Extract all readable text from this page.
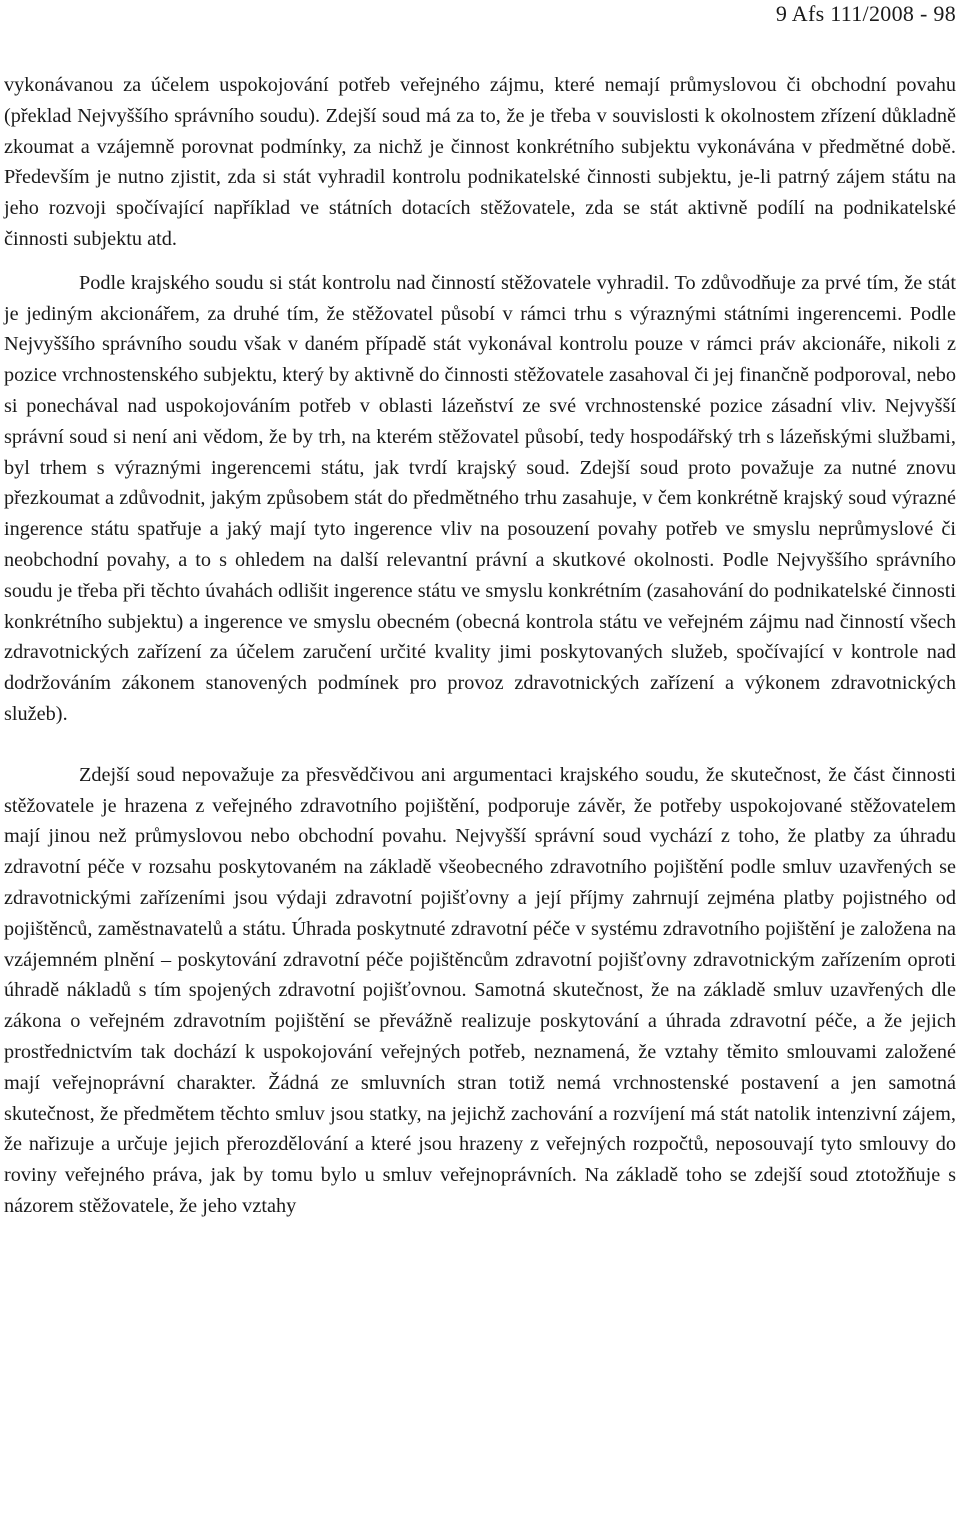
9 Afs 111/2008 - 98

vykonávanou za účelem uspokojování potřeb veřejného zájmu, které nemají průmyslovou či obchodní povahu (překlad Nejvyššího správního soudu). Zdejší soud má za to, že je třeba v souvislosti k okolnostem zřízení důkladně zkoumat a vzájemně porovnat podmínky, za nichž je činnost konkrétního subjektu vykonávána v předmětné době. Především je nutno zjistit, zda si stát vyhradil kontrolu podnikatelské činnosti subjektu, je-li patrný zájem státu na jeho rozvoji spočívající například ve státních dotacích stěžovatele, zda se stát aktivně podílí na podnikatelské činnosti subjektu atd.

Podle krajského soudu si stát kontrolu nad činností stěžovatele vyhradil. To zdůvodňuje za prvé tím, že stát je jediným akcionářem, za druhé tím, že stěžovatel působí v rámci trhu s výraznými státními ingerencemi. Podle Nejvyššího správního soudu však v daném případě stát vykonával kontrolu pouze v rámci práv akcionáře, nikoli z pozice vrchnostenského subjektu, který by aktivně do činnosti stěžovatele zasahoval či jej finančně podporoval, nebo si ponechával nad uspokojováním potřeb v oblasti lázeňství ze své vrchnostenské pozice zásadní vliv. Nejvyšší správní soud si není ani vědom, že by trh, na kterém stěžovatel působí, tedy hospodářský trh s lázeňskými službami, byl trhem s výraznými ingerencemi státu, jak tvrdí krajský soud. Zdejší soud proto považuje za nutné znovu přezkoumat a zdůvodnit, jakým způsobem stát do předmětného trhu zasahuje, v čem konkrétně krajský soud výrazné ingerence státu spatřuje a jaký mají tyto ingerence vliv na posouzení povahy potřeb ve smyslu neprůmyslové či neobchodní povahy, a to s ohledem na další relevantní právní a skutkové okolnosti. Podle Nejvyššího správního soudu je třeba při těchto úvahách odlišit ingerence státu ve smyslu konkrétním (zasahování do podnikatelské činnosti konkrétního subjektu) a ingerence ve smyslu obecném (obecná kontrola státu ve veřejném zájmu nad činností všech zdravotnických zařízení za účelem zaručení určité kvality jimi poskytovaných služeb, spočívající v kontrole nad dodržováním zákonem stanovených podmínek pro provoz zdravotnických zařízení a výkonem zdravotnických služeb).

Zdejší soud nepovažuje za přesvědčivou ani argumentaci krajského soudu, že skutečnost, že část činnosti stěžovatele je hrazena z veřejného zdravotního pojištění, podporuje závěr, že potřeby uspokojované stěžovatelem mají jinou než průmyslovou nebo obchodní povahu. Nejvyšší správní soud vychází z toho, že platby za úhradu zdravotní péče v rozsahu poskytovaném na základě všeobecného zdravotního pojištění podle smluv uzavřených se zdravotnickými zařízeními jsou výdaji zdravotní pojišťovny a její příjmy zahrnují zejména platby pojistného od pojištěnců, zaměstnavatelů a státu. Úhrada poskytnuté zdravotní péče v systému zdravotního pojištění je založena na vzájemném plnění – poskytování zdravotní péče pojištěncům zdravotní pojišťovny zdravotnickým zařízením oproti úhradě nákladů s tím spojených zdravotní pojišťovnou. Samotná skutečnost, že na základě smluv uzavřených dle zákona o veřejném zdravotním pojištění se převážně realizuje poskytování a úhrada zdravotní péče, a že jejich prostřednictvím tak dochází k uspokojování veřejných potřeb, neznamená, že vztahy těmito smlouvami založené mají veřejnoprávní charakter. Žádná ze smluvních stran totiž nemá vrchnostenské postavení a jen samotná skutečnost, že předmětem těchto smluv jsou statky, na jejichž zachování a rozvíjení má stát natolik intenzivní zájem, že nařizuje a určuje jejich přerozdělování a které jsou hrazeny z veřejných rozpočtů, neposouvají tyto smlouvy do roviny veřejného práva, jak by tomu bylo u smluv veřejnoprávních. Na základě toho se zdejší soud ztotožňuje s názorem stěžovatele, že jeho vztahy
